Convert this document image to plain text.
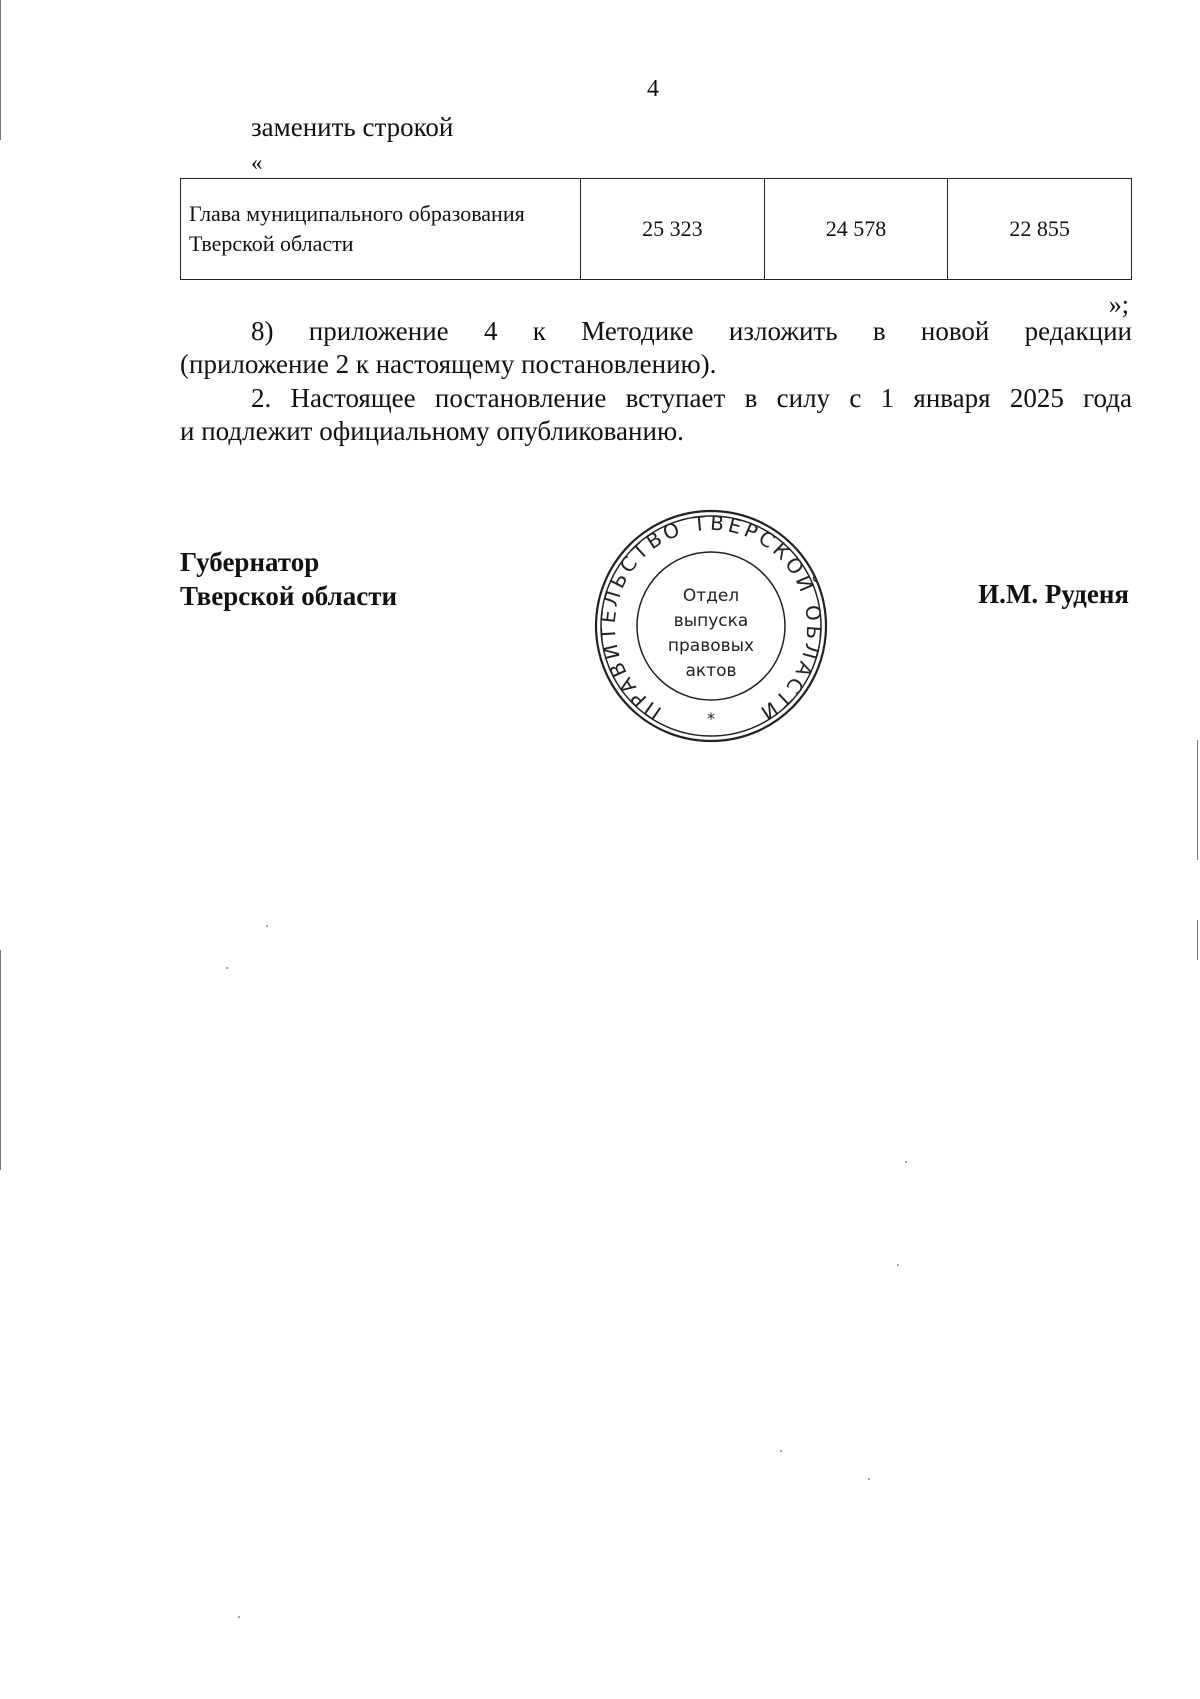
4
заменить строкой
«
Глава муниципального образования Тверской области	25 323	24 578	22 855
»;
8) приложение 4 к Методике изложить в новой редакции
(приложение 2 к настоящему постановлению).
2. Настоящее постановление вступает в силу с 1 января 2025 года
и подлежит официальному опубликованию.
Губернатор
Тверской области	И.М. Руденя
ПРАВИТЕЛЬСТВО ТВЕРСКОЙ ОБЛАСТИ
*
Отдел
выпуска
правовых
актов
